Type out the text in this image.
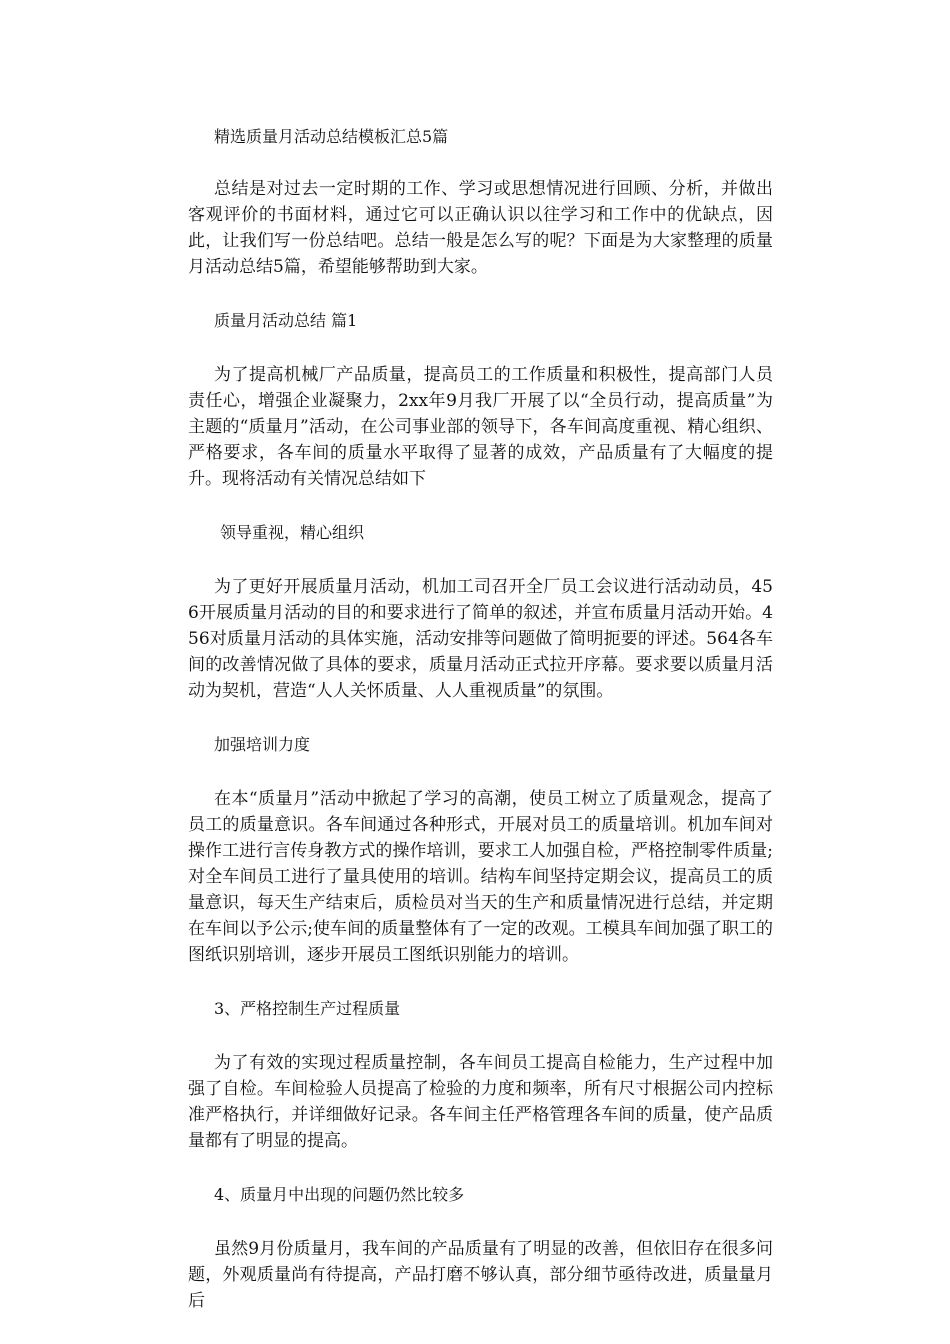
精选质量月活动总结模板汇总5篇

总结是对过去一定时期的工作、学习或思想情况进行回顾、分析，并做出客观评价的书面材料，通过它可以正确认识以往学习和工作中的优缺点，因此，让我们写一份总结吧。总结一般是怎么写的呢？下面是为大家整理的质量月活动总结5篇，希望能够帮助到大家。

质量月活动总结 篇1

为了提高机械厂产品质量，提高员工的工作质量和积极性，提高部门人员责任心，增强企业凝聚力，2xx年9月我厂开展了以“全员行动，提高质量”为主题的“质量月”活动，在公司事业部的领导下，各车间高度重视、精心组织、严格要求，各车间的质量水平取得了显著的成效，产品质量有了大幅度的提升。现将活动有关情况总结如下

领导重视，精心组织

为了更好开展质量月活动，机加工司召开全厂员工会议进行活动动员，456开展质量月活动的目的和要求进行了简单的叙述，并宣布质量月活动开始。456对质量月活动的具体实施，活动安排等问题做了简明扼要的评述。564各车间的改善情况做了具体的要求，质量月活动正式拉开序幕。要求要以质量月活动为契机，营造“人人关怀质量、人人重视质量”的氛围。

加强培训力度

在本“质量月”活动中掀起了学习的高潮，使员工树立了质量观念，提高了员工的质量意识。各车间通过各种形式，开展对员工的质量培训。机加车间对操作工进行言传身教方式的操作培训，要求工人加强自检，严格控制零件质量;对全车间员工进行了量具使用的培训。结构车间坚持定期会议，提高员工的质量意识，每天生产结束后，质检员对当天的生产和质量情况进行总结，并定期在车间以予公示;使车间的质量整体有了一定的改观。工模具车间加强了职工的图纸识别培训，逐步开展员工图纸识别能力的培训。

3、严格控制生产过程质量

为了有效的实现过程质量控制，各车间员工提高自检能力，生产过程中加强了自检。车间检验人员提高了检验的力度和频率，所有尺寸根据公司内控标准严格执行，并详细做好记录。各车间主任严格管理各车间的质量，使产品质量都有了明显的提高。

4、质量月中出现的问题仍然比较多

虽然9月份质量月，我车间的产品质量有了明显的改善，但依旧存在很多问题，外观质量尚有待提高，产品打磨不够认真，部分细节亟待改进，质量量月后
